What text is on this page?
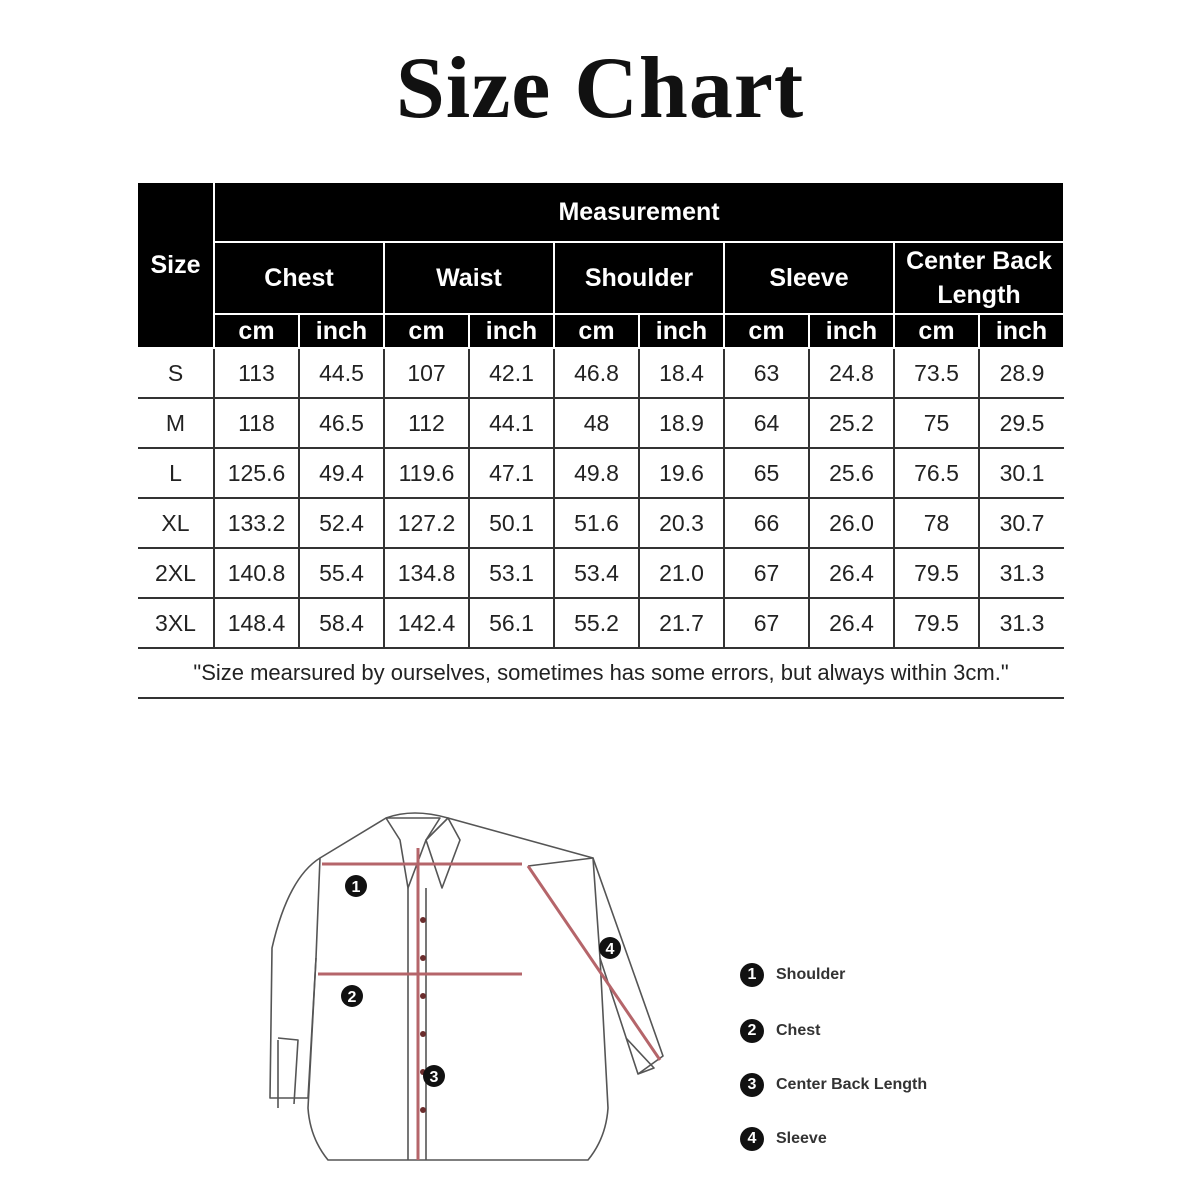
Size Chart
Size	Measurement									
	Chest		Waist		Shoulder		Sleeve		Center Back Length	
	cm	inch	cm	inch	cm	inch	cm	inch	cm	inch
S	113	44.5	107	42.1	46.8	18.4	63	24.8	73.5	28.9
M	118	46.5	112	44.1	48	18.9	64	25.2	75	29.5
L	125.6	49.4	119.6	47.1	49.8	19.6	65	25.6	76.5	30.1
XL	133.2	52.4	127.2	50.1	51.6	20.3	66	26.0	78	30.7
2XL	140.8	55.4	134.8	53.1	53.4	21.0	67	26.4	79.5	31.3
3XL	148.4	58.4	142.4	56.1	55.2	21.7	67	26.4	79.5	31.3
"Size mearsured by ourselves, sometimes has some errors, but always within 3cm."										
1
2
3
4
1	Shoulder
2	Chest
3	Center Back Length
4	Sleeve
